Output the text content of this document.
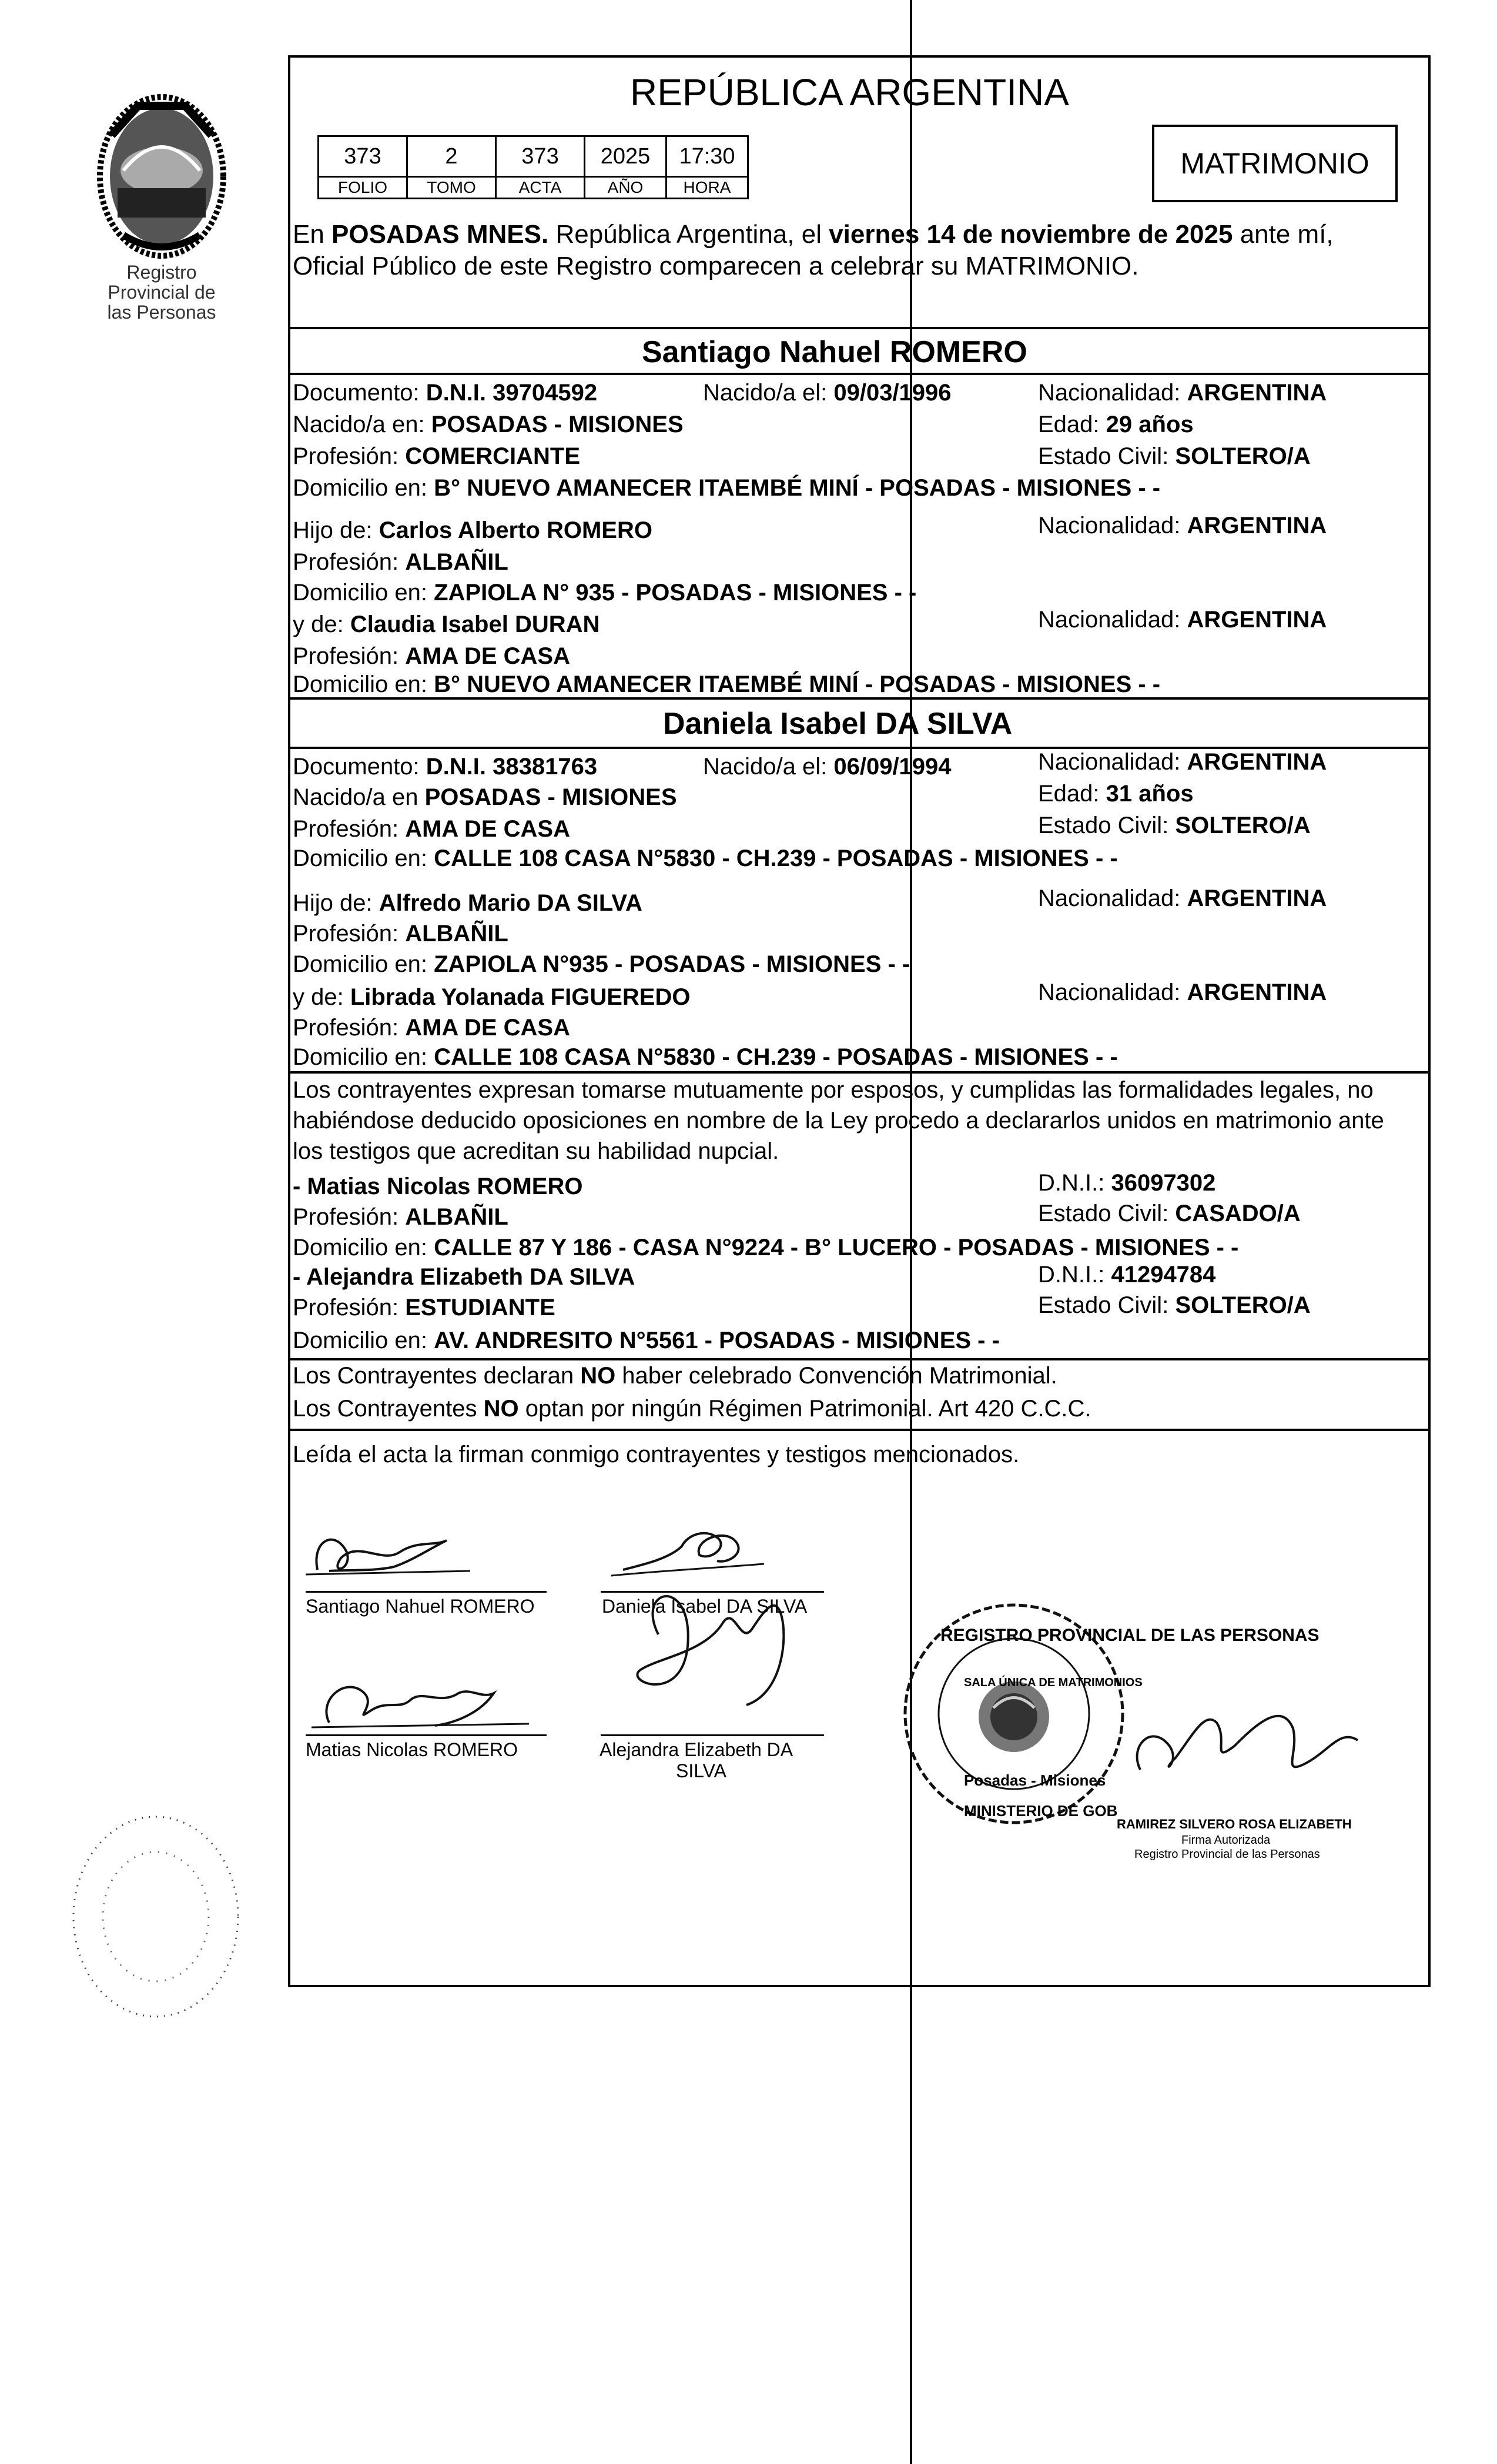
Registro Provincial de las Personas
REPÚBLICA ARGENTINA
373	2	373	2025	17:30
FOLIO	TOMO	ACTA	AÑO	HORA
MATRIMONIO
En POSADAS MNES. República Argentina, el viernes 14 de noviembre de 2025 ante mí,
Oficial Público de este Registro comparecen a celebrar su MATRIMONIO.
Santiago Nahuel ROMERO
Documento: D.N.I. 39704592	Nacido/a el: 09/03/1996	Nacionalidad: ARGENTINA
Nacido/a en: POSADAS - MISIONES	Edad: 29 años
Profesión: COMERCIANTE	Estado Civil: SOLTERO/A
Domicilio en: B° NUEVO AMANECER ITAEMBÉ MINÍ - POSADAS - MISIONES - -
Hijo de: Carlos Alberto ROMERO	Nacionalidad: ARGENTINA
Profesión: ALBAÑIL
Domicilio en: ZAPIOLA N° 935 - POSADAS - MISIONES - -
y de: Claudia Isabel DURAN	Nacionalidad: ARGENTINA
Profesión: AMA DE CASA
Domicilio en: B° NUEVO AMANECER ITAEMBÉ MINÍ - POSADAS - MISIONES - -
Daniela Isabel DA SILVA
Documento: D.N.I. 38381763	Nacido/a el: 06/09/1994	Nacionalidad: ARGENTINA
Nacido/a en POSADAS - MISIONES	Edad: 31 años
Profesión: AMA DE CASA	Estado Civil: SOLTERO/A
Domicilio en: CALLE 108 CASA N°5830 - CH.239 - POSADAS - MISIONES - -
Hijo de: Alfredo Mario DA SILVA	Nacionalidad: ARGENTINA
Profesión: ALBAÑIL
Domicilio en: ZAPIOLA N°935 - POSADAS - MISIONES - -
y de: Librada Yolanada FIGUEREDO	Nacionalidad: ARGENTINA
Profesión: AMA DE CASA
Domicilio en: CALLE 108 CASA N°5830 - CH.239 - POSADAS - MISIONES - -
Los contrayentes expresan tomarse mutuamente por esposos, y cumplidas las formalidades legales, no
habiéndose deducido oposiciones en nombre de la Ley procedo a declararlos unidos en matrimonio ante
los testigos que acreditan su habilidad nupcial.
- Matias Nicolas ROMERO	D.N.I.: 36097302
Profesión: ALBAÑIL	Estado Civil: CASADO/A
Domicilio en: CALLE 87 Y 186 - CASA N°9224 - B° LUCERO - POSADAS - MISIONES - -
- Alejandra Elizabeth DA SILVA	D.N.I.: 41294784
Profesión: ESTUDIANTE	Estado Civil: SOLTERO/A
Domicilio en: AV. ANDRESITO N°5561 - POSADAS - MISIONES - -
Los Contrayentes declaran NO haber celebrado Convención Matrimonial.
Los Contrayentes NO optan por ningún Régimen Patrimonial. Art 420 C.C.C.
Leída el acta la firman conmigo contrayentes y testigos mencionados.
Santiago Nahuel ROMERO	Daniela Isabel DA SILVA
Matias Nicolas ROMERO	Alejandra Elizabeth DA
SILVA
REGISTRO PROVINCIAL DE LAS PERSONAS
SALA ÚNICA DE MATRIMONIOS
Posadas - Misiones
MINISTERIO DE GOB
RAMIREZ SILVERO ROSA ELIZABETH
Firma Autorizada
Registro Provincial de las Personas
